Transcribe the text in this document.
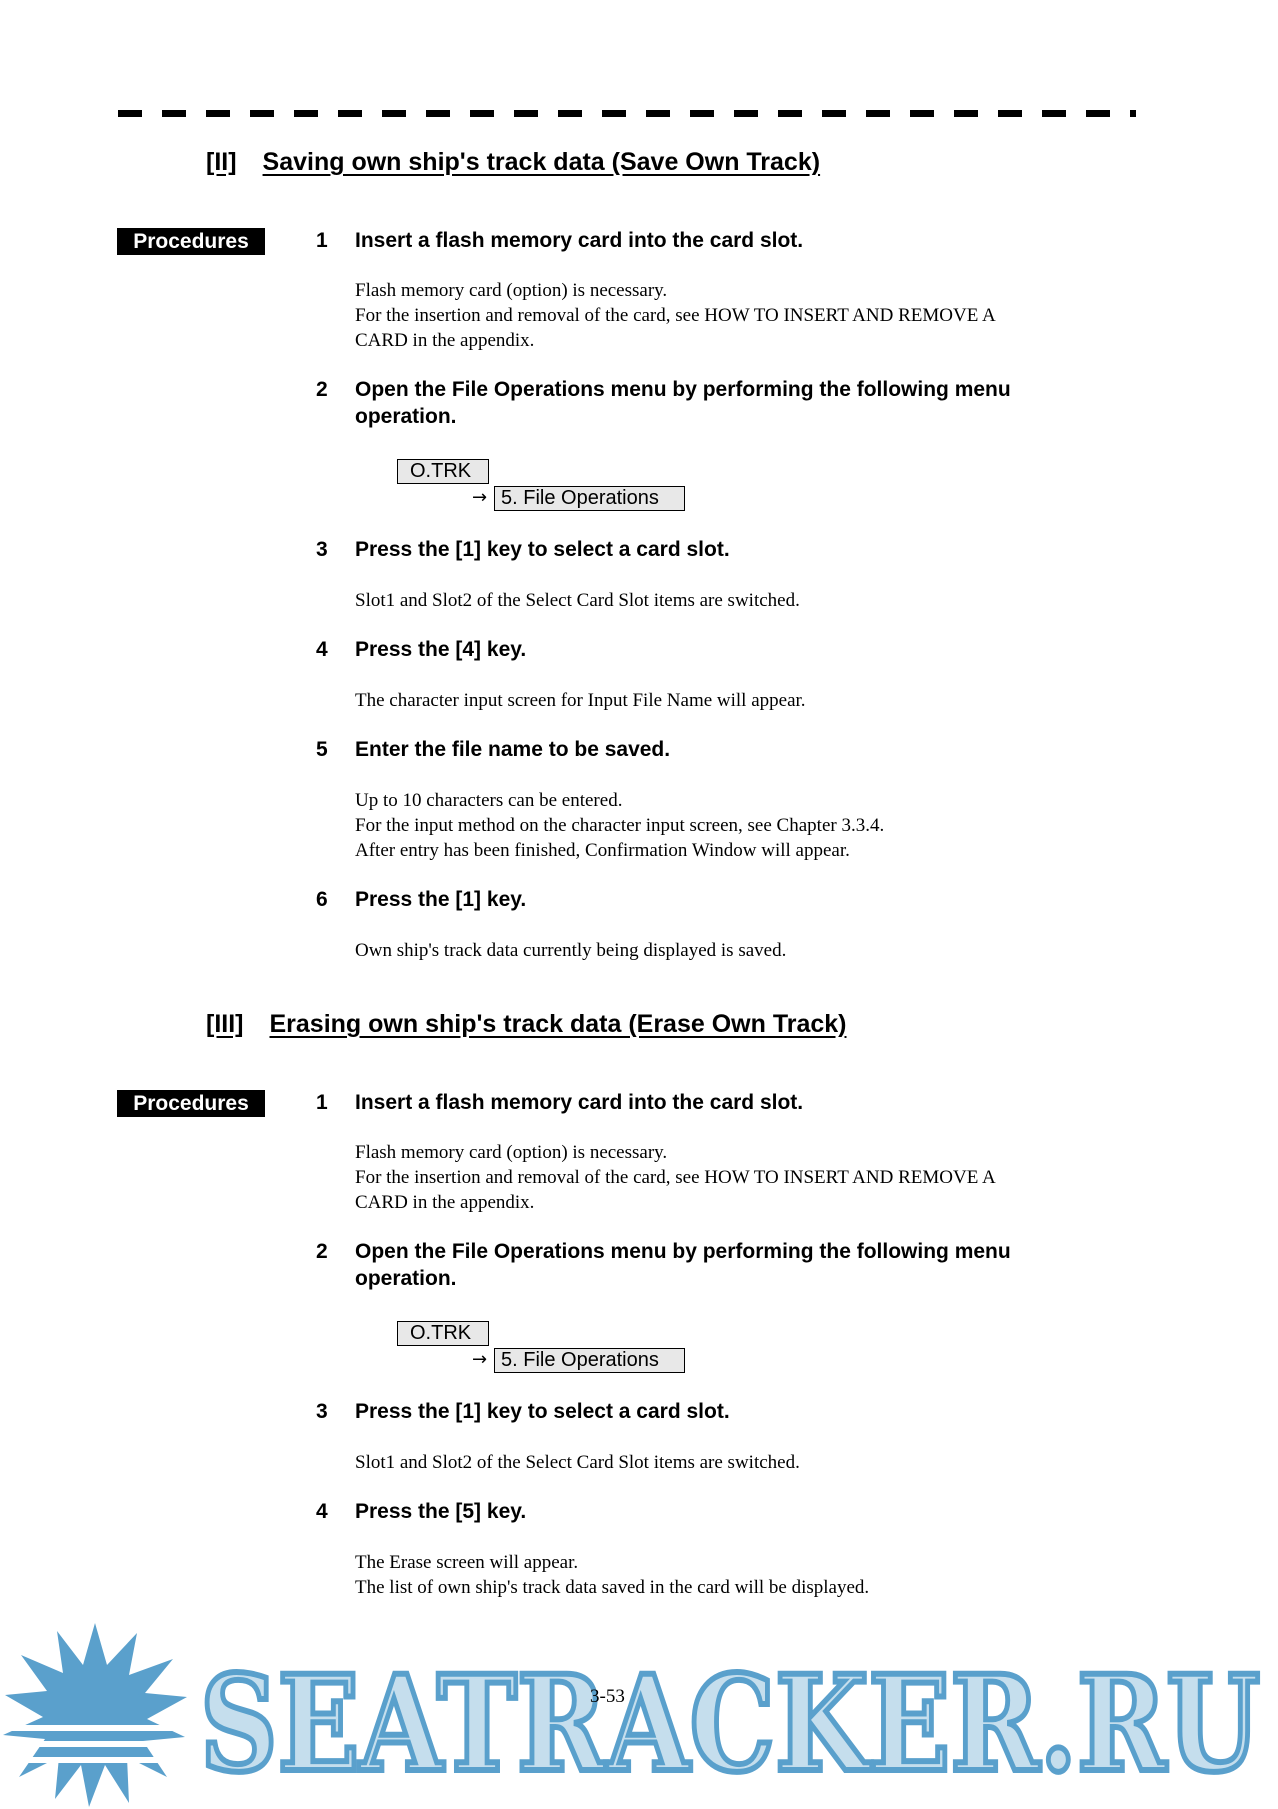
[II] Saving own ship's track data (Save Own Track)
Procedures	1 Insert a flash memory card into the card slot.
Flash memory card (option) is necessary.
For the insertion and removal of the card, see HOW TO INSERT AND REMOVE A
CARD in the appendix.
2 Open the File Operations menu by performing the following menu operation.
O.TRK
→ 5. File Operations
3 Press the [1] key to select a card slot.
Slot1 and Slot2 of the Select Card Slot items are switched.
4 Press the [4] key.
The character input screen for Input File Name will appear.
5 Enter the file name to be saved.
Up to 10 characters can be entered.
For the input method on the character input screen, see Chapter 3.3.4.
After entry has been finished, Confirmation Window will appear.
6 Press the [1] key.
Own ship's track data currently being displayed is saved.
[III] Erasing own ship's track data (Erase Own Track)
Procedures	1 Insert a flash memory card into the card slot.
Flash memory card (option) is necessary.
For the insertion and removal of the card, see HOW TO INSERT AND REMOVE A
CARD in the appendix.
2 Open the File Operations menu by performing the following menu operation.
O.TRK
→ 5. File Operations
3 Press the [1] key to select a card slot.
Slot1 and Slot2 of the Select Card Slot items are switched.
4 Press the [5] key.
The Erase screen will appear.
The list of own ship's track data saved in the card will be displayed.
SEATRACKER.RU
SEATRACKER.RU
3-53
